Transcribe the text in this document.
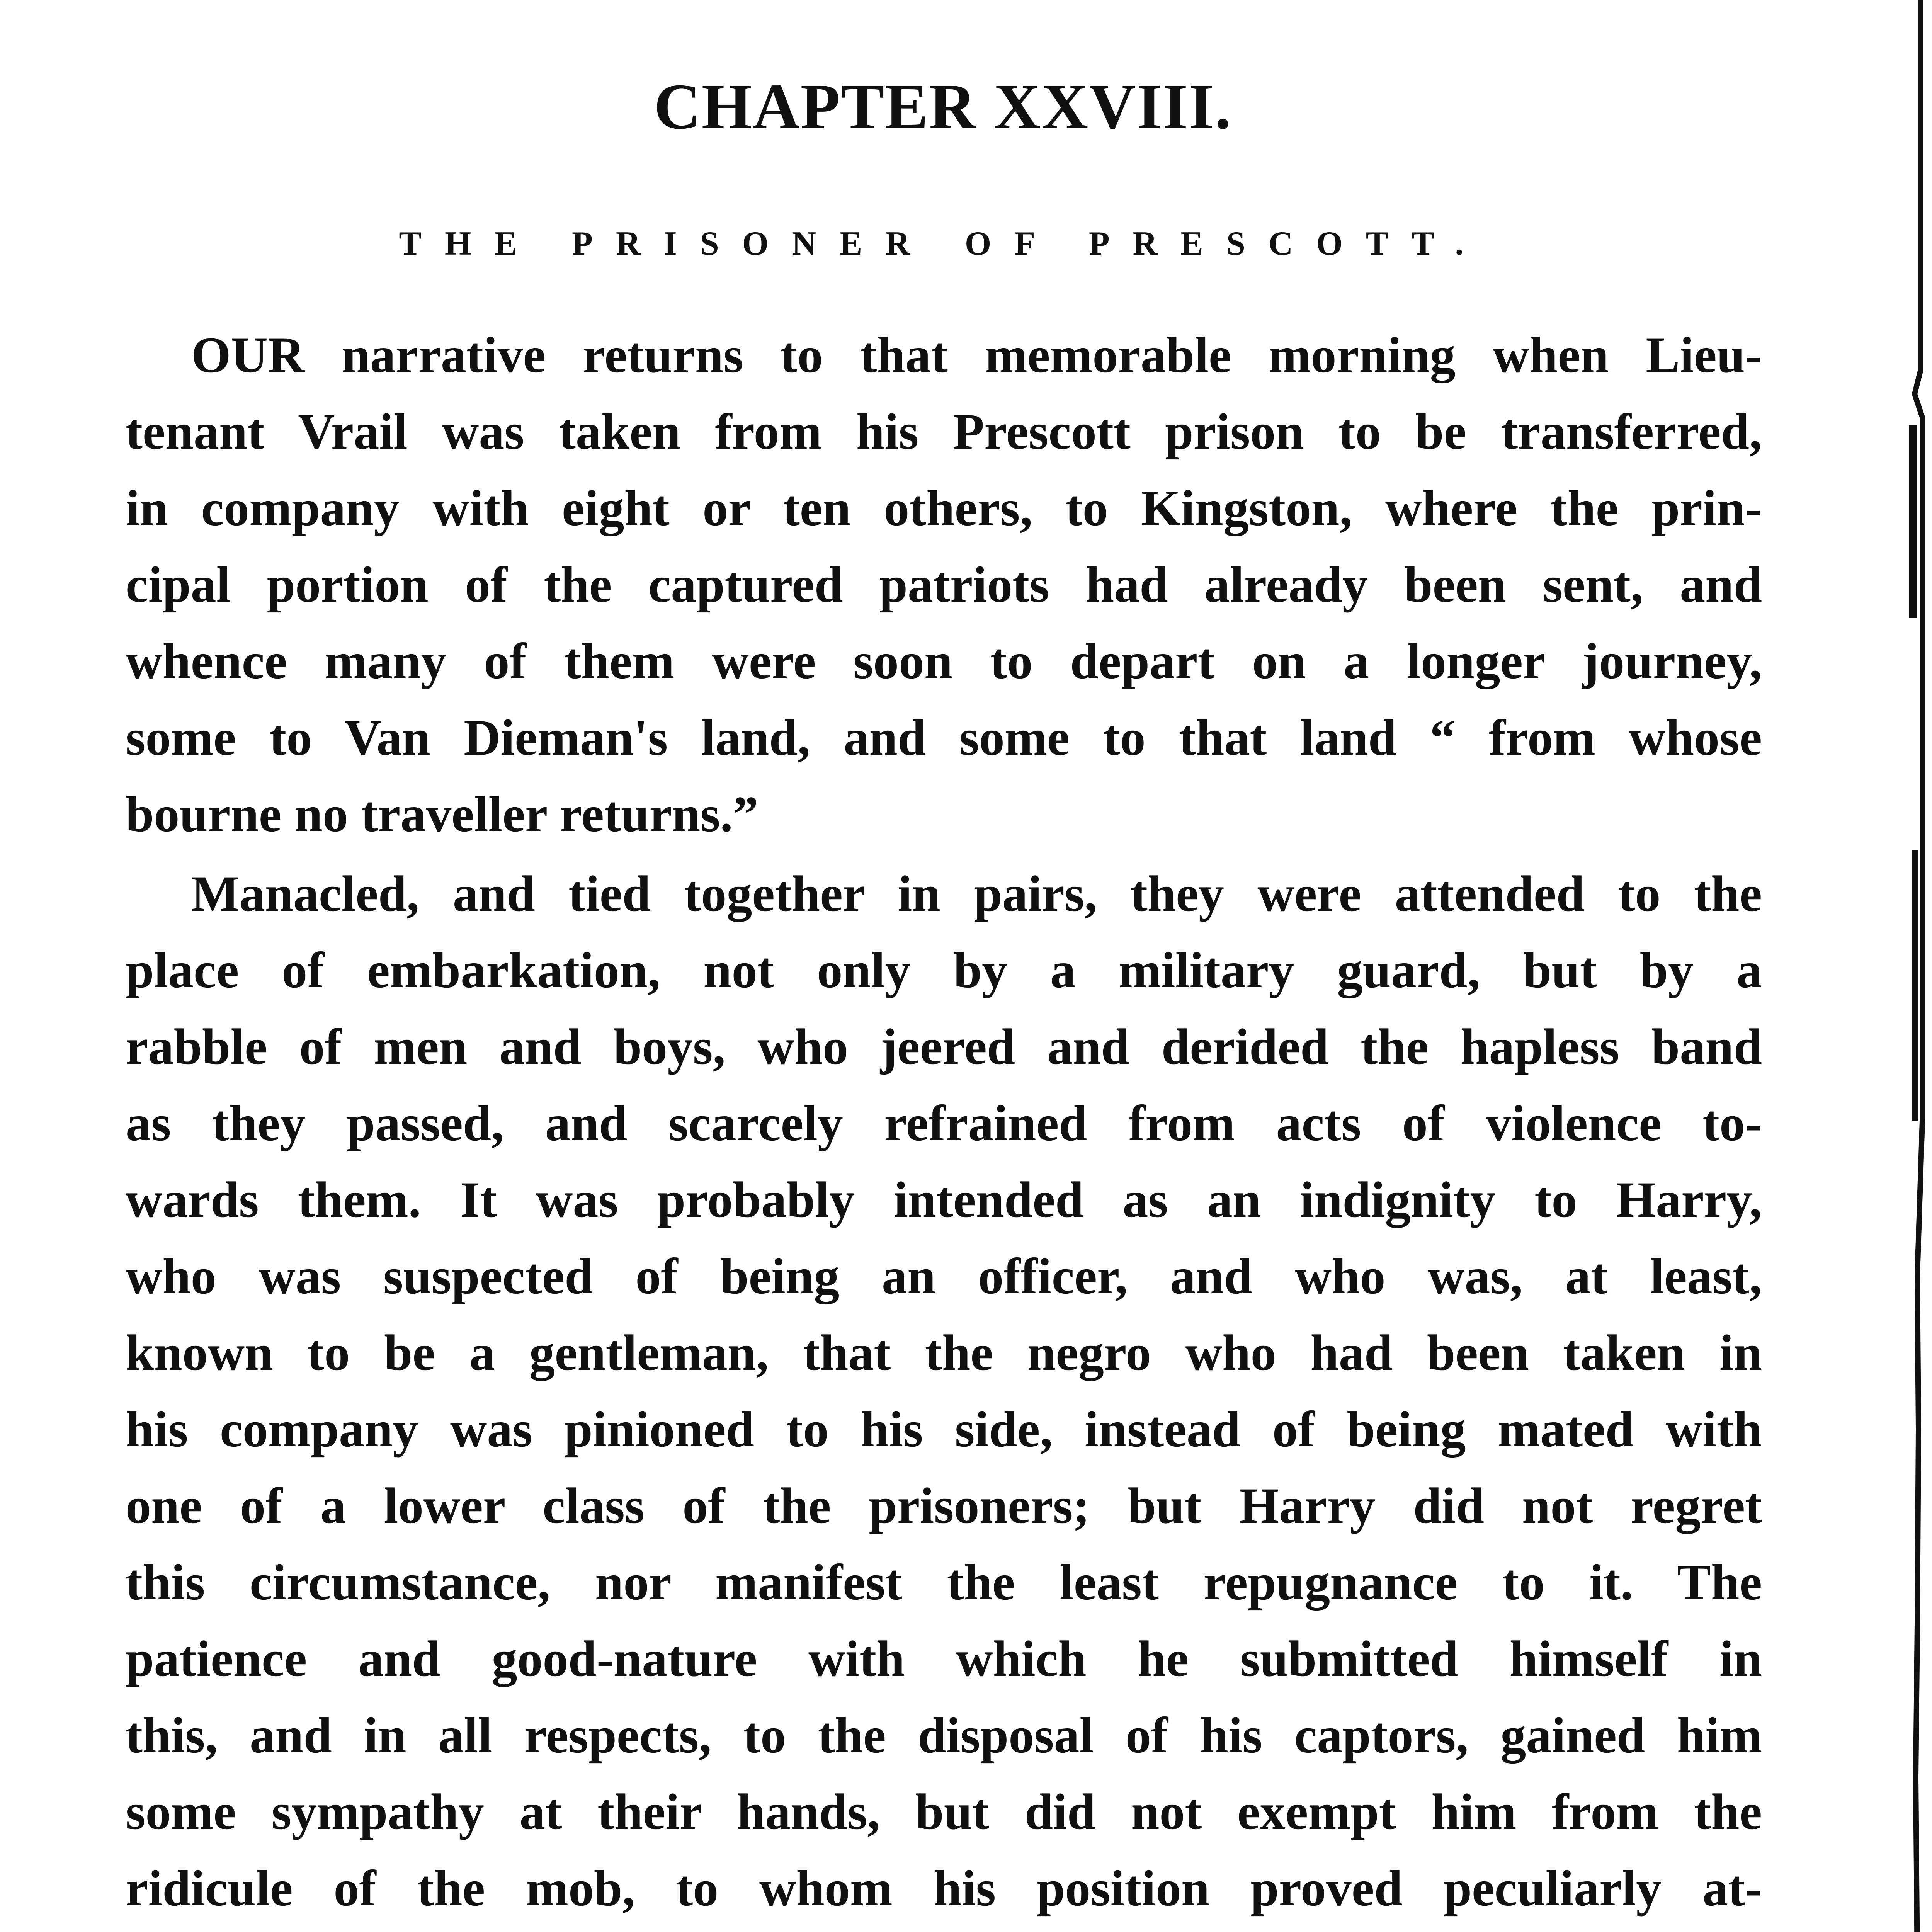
CHAPTER XXVIII.
THE PRISONER OF PRESCOTT.
OUR narrative returns to that memorable morning when Lieu-
tenant Vrail was taken from his Prescott prison to be transferred,
in company with eight or ten others, to Kingston, where the prin-
cipal portion of the captured patriots had already been sent, and
whence many of them were soon to depart on a longer journey,
some to Van Dieman's land, and some to that land “ from whose
bourne no traveller returns.”
Manacled, and tied together in pairs, they were attended to the
place of embarkation, not only by a military guard, but by a
rabble of men and boys, who jeered and derided the hapless band
as they passed, and scarcely refrained from acts of violence to-
wards them. It was probably intended as an indignity to Harry,
who was suspected of being an officer, and who was, at least,
known to be a gentleman, that the negro who had been taken in
his company was pinioned to his side, instead of being mated with
one of a lower class of the prisoners; but Harry did not regret
this circumstance, nor manifest the least repugnance to it. The
patience and good-nature with which he submitted himself in
this, and in all respects, to the disposal of his captors, gained him
some sympathy at their hands, but did not exempt him from the
ridicule of the mob, to whom his position proved peculiarly at-
